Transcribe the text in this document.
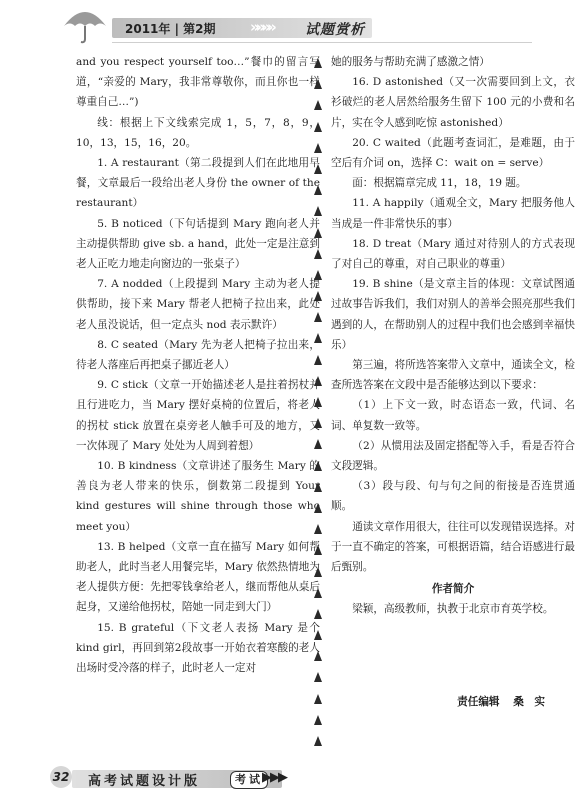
2011年 | 第2期 »»»» 试题赏析

and you respect yourself too…”餐巾的留言写道，“亲爱的 Mary，我非常尊敬你，而且你也一样尊重自己…”)

线：根据上下文线索完成 1，5，7，8，9，10，13，15，16，20。

1. A restaurant（第二段提到人们在此地用早餐，文章最后一段给出老人身份 the owner of the restaurant）

5. B noticed（下句话提到 Mary 跑向老人并主动提供帮助 give sb. a hand，此处一定是注意到老人正吃力地走向窗边的一张桌子）

7. A nodded（上段提到 Mary 主动为老人提供帮助，接下来 Mary 帮老人把椅子拉出来，此处老人虽没说话，但一定点头 nod 表示默许）

8. C seated（Mary 先为老人把椅子拉出来，待老人落座后再把桌子挪近老人）

9. C stick（文章一开始描述老人是拄着拐杖并且行进吃力，当 Mary 摆好桌椅的位置后，将老人的拐杖 stick 放置在桌旁老人触手可及的地方，又一次体现了 Mary 处处为人周到着想）

10. B kindness（文章讲述了服务生 Mary 的善良为老人带来的快乐，倒数第二段提到 Your kind gestures will shine through those who meet you）

13. B helped（文章一直在描写 Mary 如何帮助老人，此时当老人用餐完毕，Mary 依然热情地为老人提供方便：先把零钱拿给老人，继而帮他从桌后起身，又递给他拐杖，陪她一同走到大门）

15. B grateful（下文老人表扬 Mary 是个 kind girl，再回到第2段故事一开始衣着寒酸的老人出场时受冷落的样子，此时老人一定对

她的服务与帮助充满了感激之情）

16. D astonished（又一次需要回到上文，衣衫破烂的老人居然给服务生留下 100 元的小费和名片，实在令人感到吃惊 astonished）

20. C waited（此题考查词汇，是难题，由于空后有介词 on，选择 C：wait on = serve）

面：根据篇章完成 11，18，19 题。

11. A happily（通观全文，Mary 把服务他人当成是一件非常快乐的事）

18. D treat（Mary 通过对待别人的方式表现了对自己的尊重，对自己职业的尊重）

19. B shine（是文章主旨的体现：文章试图通过故事告诉我们，我们对别人的善举会照亮那些我们遇到的人，在帮助别人的过程中我们也会感到幸福快乐）

第三遍，将所选答案带入文章中，通读全文，检查所选答案在文段中是否能够达到以下要求：

（1）上下文一致，时态语态一致，代词、名词、单复数一致等。

（2）从惯用法及固定搭配等入手，看是否符合文段逻辑。

（3）段与段、句与句之间的衔接是否连贯通顺。

通读文章作用很大，往往可以发现错误选择。对于一直不确定的答案，可根据语篇，结合语感进行最后甄别。

作者简介

梁颖，高级教师，执教于北京市育英学校。

责任编辑 桑　实

32 高考试题设计版	考试 ▶▶▶
